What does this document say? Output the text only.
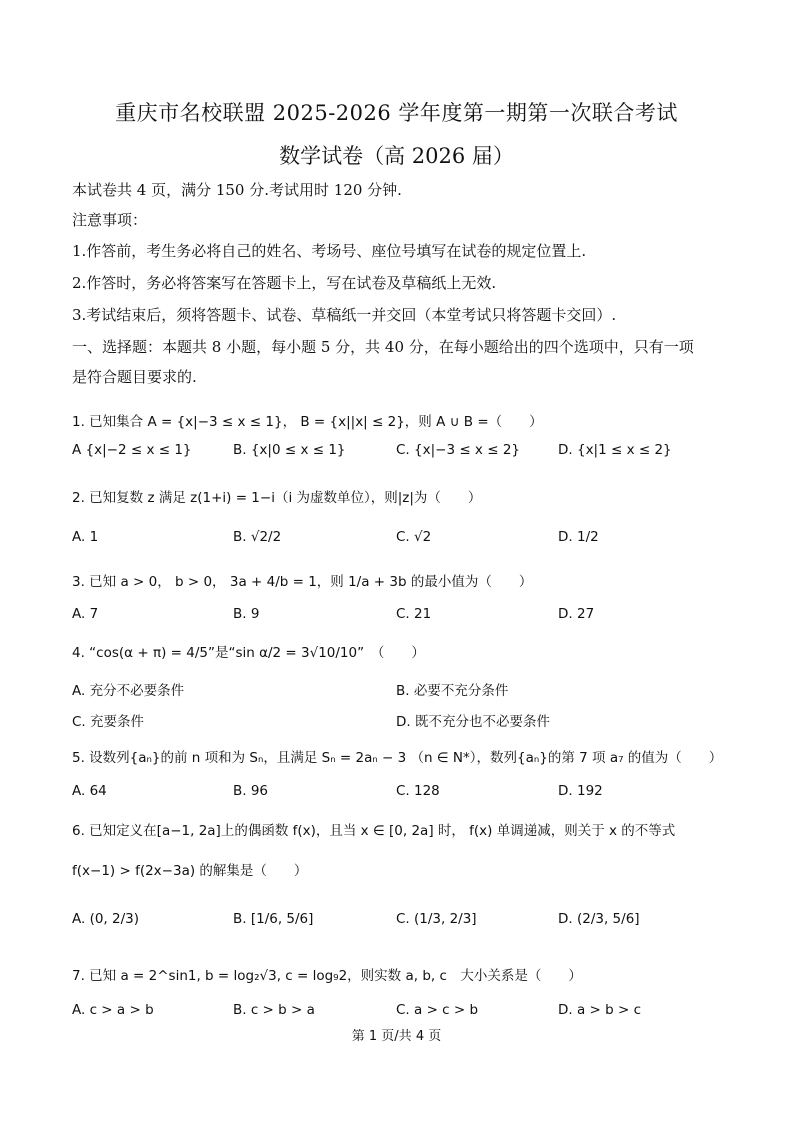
重庆市名校联盟 2025-2026 学年度第一期第一次联合考试
数学试卷（高 2026 届）
本试卷共 4 页，满分 150 分.考试用时 120 分钟.
注意事项：
1.作答前，考生务必将自己的姓名、考场号、座位号填写在试卷的规定位置上.
2.作答时，务必将答案写在答题卡上，写在试卷及草稿纸上无效.
3.考试结束后，须将答题卡、试卷、草稿纸一并交回（本堂考试只将答题卡交回）.
一、选择题：本题共 8 小题，每小题 5 分，共 40 分，在每小题给出的四个选项中，只有一项
是符合题目要求的.
1. 已知集合 A = {x|−3 ≤ x ≤ 1}， B = {x||x| ≤ 2}，则 A ∪ B =（　　）
A {x|−2 ≤ x ≤ 1}	B. {x|0 ≤ x ≤ 1}	C. {x|−3 ≤ x ≤ 2}	D. {x|1 ≤ x ≤ 2}
2. 已知复数 z 满足 z(1+i) = 1−i（i 为虚数单位），则|z|为（　　）
A. 1	B. √2/2	C. √2	D. 1/2
3. 已知 a > 0， b > 0， 3a + 4/b = 1，则 1/a + 3b 的最小值为（　　）
A. 7	B. 9	C. 21	D. 27
4. “cos(α + π) = 4/5”是“sin α/2 = 3√10/10”　（　　）
A. 充分不必要条件	B. 必要不充分条件
C. 充要条件	D. 既不充分也不必要条件
5. 设数列{aₙ}的前 n 项和为 Sₙ，且满足 Sₙ = 2aₙ − 3 （n ∈ N*），数列{aₙ}的第 7 项 a₇ 的值为（　　）
A. 64	B. 96	C. 128	D. 192
6. 已知定义在[a−1, 2a]上的偶函数 f(x)，且当 x ∈ [0, 2a] 时， f(x) 单调递减，则关于 x 的不等式
f(x−1) > f(2x−3a) 的解集是（　　）
A. (0, 2/3)	B. [1/6, 5/6]	C. (1/3, 2/3]	D. (2/3, 5/6]
7. 已知 a = 2^sin1, b = log₂√3, c = log₉2，则实数 a, b, c　大小关系是（　　）
A. c > a > b	B. c > b > a	C. a > c > b	D. a > b > c
第 1 页/共 4 页
